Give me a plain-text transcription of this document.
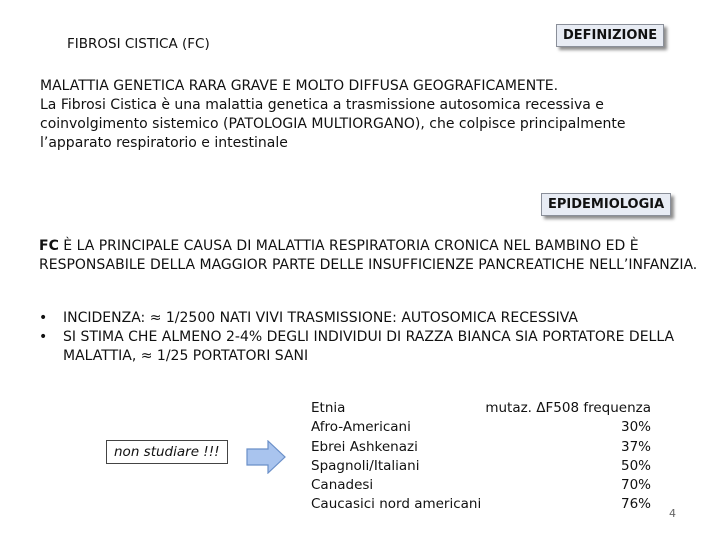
FIBROSI CISTICA (FC)
DEFINIZIONE
MALATTIA GENETICA RARA GRAVE E MOLTO DIFFUSA GEOGRAFICAMENTE.
La Fibrosi Cistica è una malattia genetica a trasmissione autosomica recessiva e coinvolgimento sistemico (PATOLOGIA MULTIORGANO), che colpisce principalmente l’apparato respiratorio e intestinale
EPIDEMIOLOGIA
FC È LA PRINCIPALE CAUSA DI MALATTIA RESPIRATORIA CRONICA NEL BAMBINO ED È RESPONSABILE DELLA MAGGIOR PARTE DELLE INSUFFICIENZE PANCREATICHE NELL’INFANZIA.
•	INCIDENZA: ≈ 1/2500 NATI VIVI TRASMISSIONE: AUTOSOMICA RECESSIVA
•	SI STIMA CHE ALMENO 2-4% DEGLI INDIVIDUI DI RAZZA BIANCA SIA PORTATORE DELLA MALATTIA, ≈ 1/25 PORTATORI SANI
non studiare !!!
Etnia	mutaz. ΔF508 frequenza
Afro-Americani	30%
Ebrei Ashkenazi	37%
Spagnoli/Italiani	50%
Canadesi	70%
Caucasici nord americani	76%
4
